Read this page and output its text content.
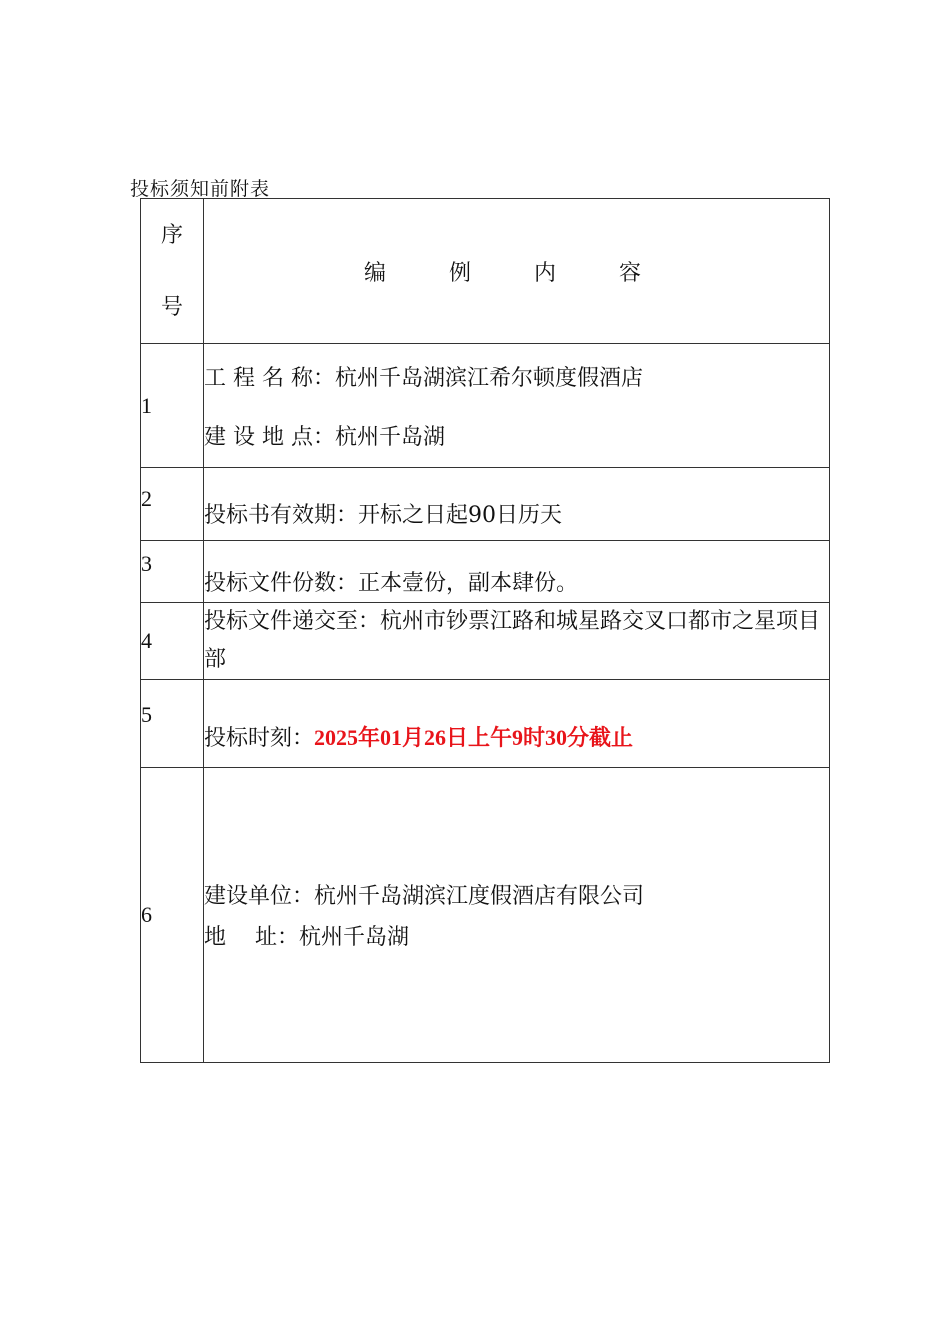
投标须知前附表
序
号	编 例 内 容
1	工 程 名 称：杭州千岛湖滨江希尔顿度假酒店
建 设 地 点：杭州千岛湖

2	投标书有效期：开标之日起90日历天

3	投标文件份数：正本壹份，副本肆份。

4	投标文件递交至：杭州市钞票江路和城星路交叉口都市之星项目部

5	投标时刻：2025年01月26日上午9时30分截止

6	建设单位：杭州千岛湖滨江度假酒店有限公司
地　 址：杭州千岛湖
